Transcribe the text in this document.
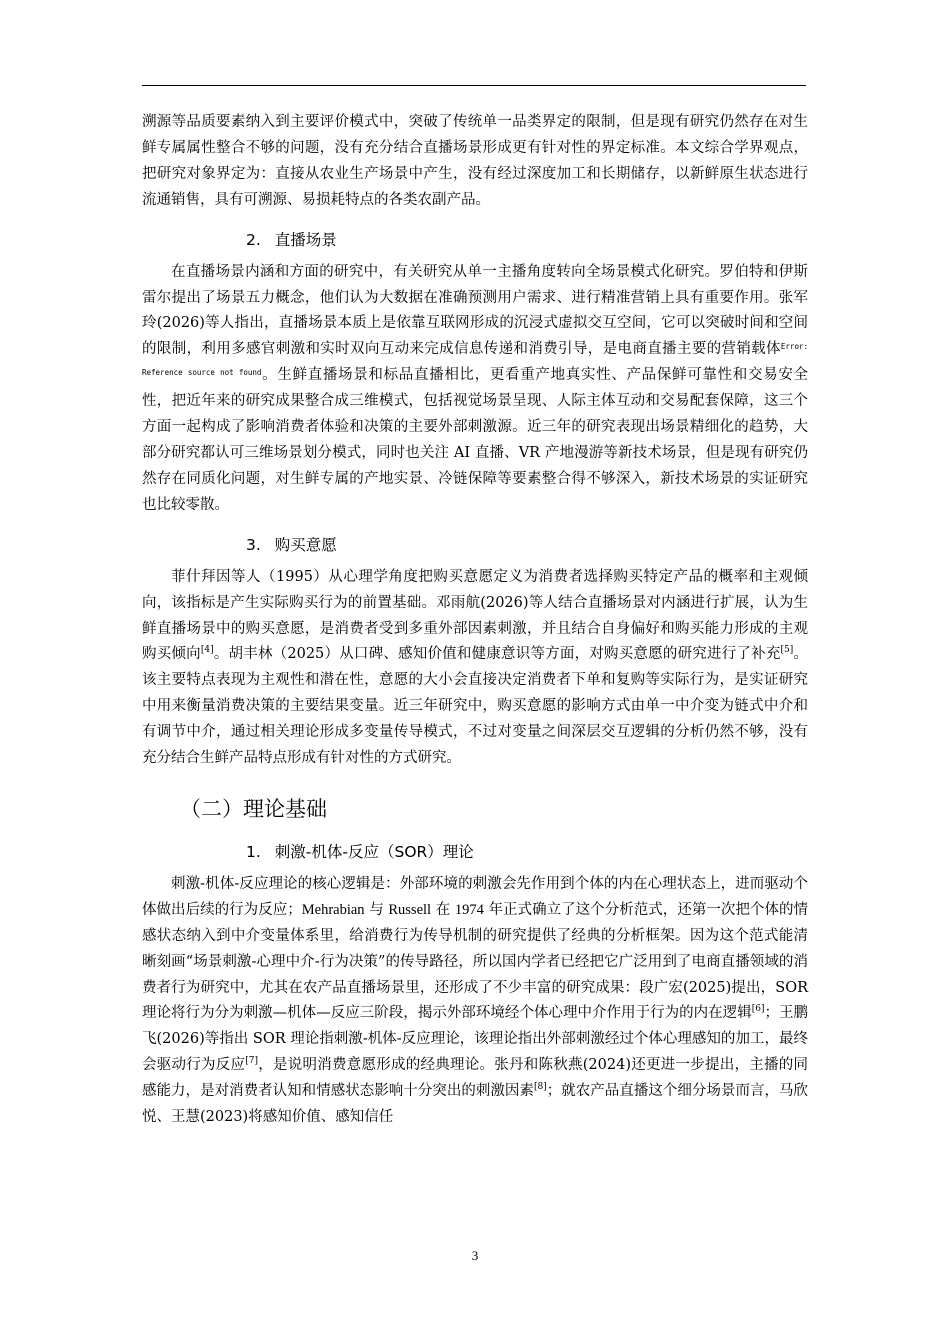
溯源等品质要素纳入到主要评价模式中，突破了传统单一品类界定的限制，但是现有研究仍然存在对生鲜专属属性整合不够的问题，没有充分结合直播场景形成更有针对性的界定标准。本文综合学界观点，把研究对象界定为：直接从农业生产场景中产生，没有经过深度加工和长期储存，以新鲜原生状态进行流通销售，具有可溯源、易损耗特点的各类农副产品。

2. 直播场景

在直播场景内涵和方面的研究中，有关研究从单一主播角度转向全场景模式化研究。罗伯特和伊斯雷尔提出了场景五力概念，他们认为大数据在准确预测用户需求、进行精准营销上具有重要作用。张军玲(2026)等人指出，直播场景本质上是依靠互联网形成的沉浸式虚拟交互空间，它可以突破时间和空间的限制，利用多感官刺激和实时双向互动来完成信息传递和消费引导，是电商直播主要的营销载体$^{Error: Reference source not found}$。生鲜直播场景和标品直播相比，更看重产地真实性、产品保鲜可靠性和交易安全性，把近年来的研究成果整合成三维模式，包括视觉场景呈现、人际主体互动和交易配套保障，这三个方面一起构成了影响消费者体验和决策的主要外部刺激源。近三年的研究表现出场景精细化的趋势，大部分研究都认可三维场景划分模式，同时也关注 AI 直播、VR 产地漫游等新技术场景，但是现有研究仍然存在同质化问题，对生鲜专属的产地实景、冷链保障等要素整合得不够深入，新技术场景的实证研究也比较零散。

3. 购买意愿

菲什拜因等人（1995）从心理学角度把购买意愿定义为消费者选择购买特定产品的概率和主观倾向，该指标是产生实际购买行为的前置基础。邓雨航(2026)等人结合直播场景对内涵进行扩展，认为生鲜直播场景中的购买意愿，是消费者受到多重外部因素刺激，并且结合自身偏好和购买能力形成的主观购买倾向[4]。胡丰林（2025）从口碑、感知价值和健康意识等方面，对购买意愿的研究进行了补充[5]。该主要特点表现为主观性和潜在性，意愿的大小会直接决定消费者下单和复购等实际行为，是实证研究中用来衡量消费决策的主要结果变量。近三年研究中，购买意愿的影响方式由单一中介变为链式中介和有调节中介，通过相关理论形成多变量传导模式，不过对变量之间深层交互逻辑的分析仍然不够，没有充分结合生鲜产品特点形成有针对性的方式研究。

（二）理论基础
1. 刺激-机体-反应（SOR）理论

刺激-机体-反应理论的核心逻辑是：外部环境的刺激会先作用到个体的内在心理状态上，进而驱动个体做出后续的行为反应；Mehrabian 与 Russell 在 1974 年正式确立了这个分析范式，还第一次把个体的情感状态纳入到中介变量体系里，给消费行为传导机制的研究提供了经典的分析框架。因为这个范式能清晰刻画“场景刺激-心理中介-行为决策”的传导路径，所以国内学者已经把它广泛用到了电商直播领域的消费者行为研究中，尤其在农产品直播场景里，还形成了不少丰富的研究成果：段广宏(2025)提出，SOR 理论将行为分为刺激—机体—反应三阶段，揭示外部环境经个体心理中介作用于行为的内在逻辑[6]；王鹏飞(2026)等指出 SOR 理论指刺激-机体-反应理论，该理论指出外部刺激经过个体心理感知的加工，最终会驱动行为反应[7]，是说明消费意愿形成的经典理论。张丹和陈秋燕(2024)还更进一步提出，主播的同感能力，是对消费者认知和情感状态影响十分突出的刺激因素[8]；就农产品直播这个细分场景而言，马欣悦、王慧(2023)将感知价值、感知信任

3
